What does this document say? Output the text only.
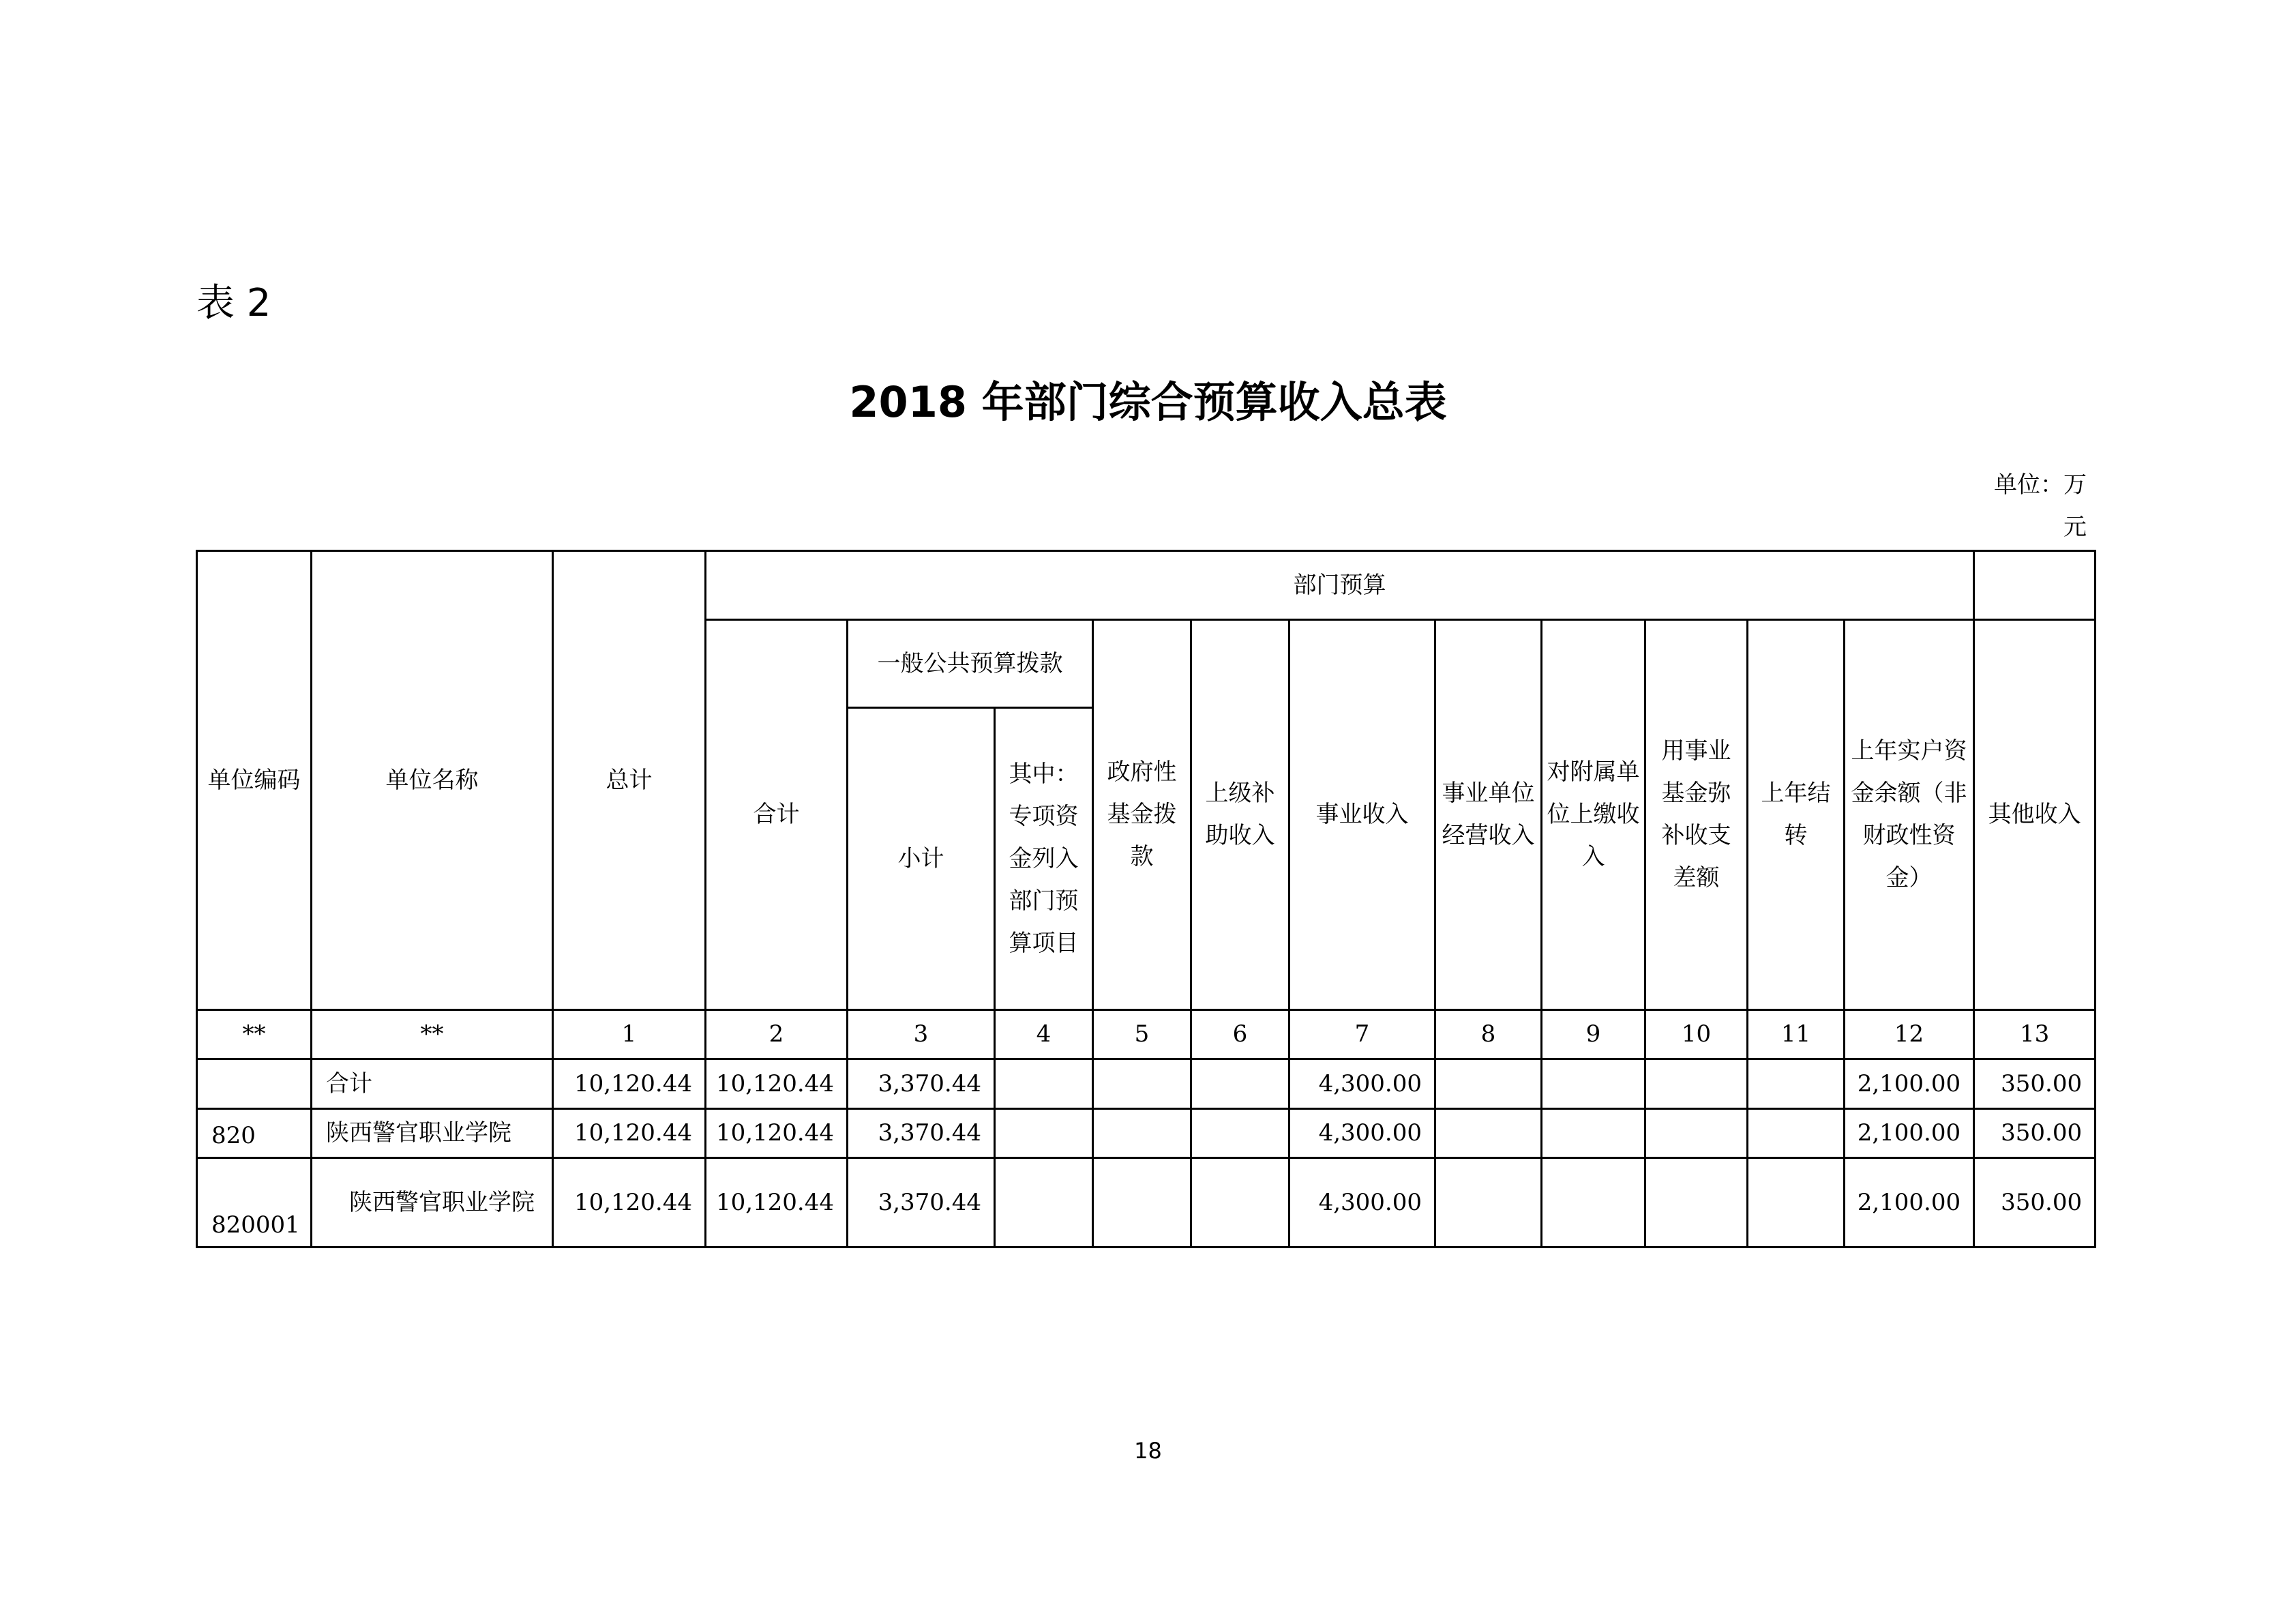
表 2
2018 年部门综合预算收入总表
单位：万元
单位编码	单位名称	总计	部门预算											
			合计	一般公共预算拨款		政府性基金拨款	上级补助收入	事业收入	事业单位经营收入	对附属单位上缴收入	用事业基金弥补收支差额	上年结转	上年实户资金余额（非财政性资金）	其他收入
				小计	其中：专项资金列入部门预算项目									
**	**	1	2	3	4	5	6	7	8	9	10	11	12	13
	合计	10,120.44	10,120.44	3,370.44				4,300.00					2,100.00	350.00
820	陕西警官职业学院	10,120.44	10,120.44	3,370.44				4,300.00					2,100.00	350.00
820001	陕西警官职业学院	10,120.44	10,120.44	3,370.44				4,300.00					2,100.00	350.00
18
